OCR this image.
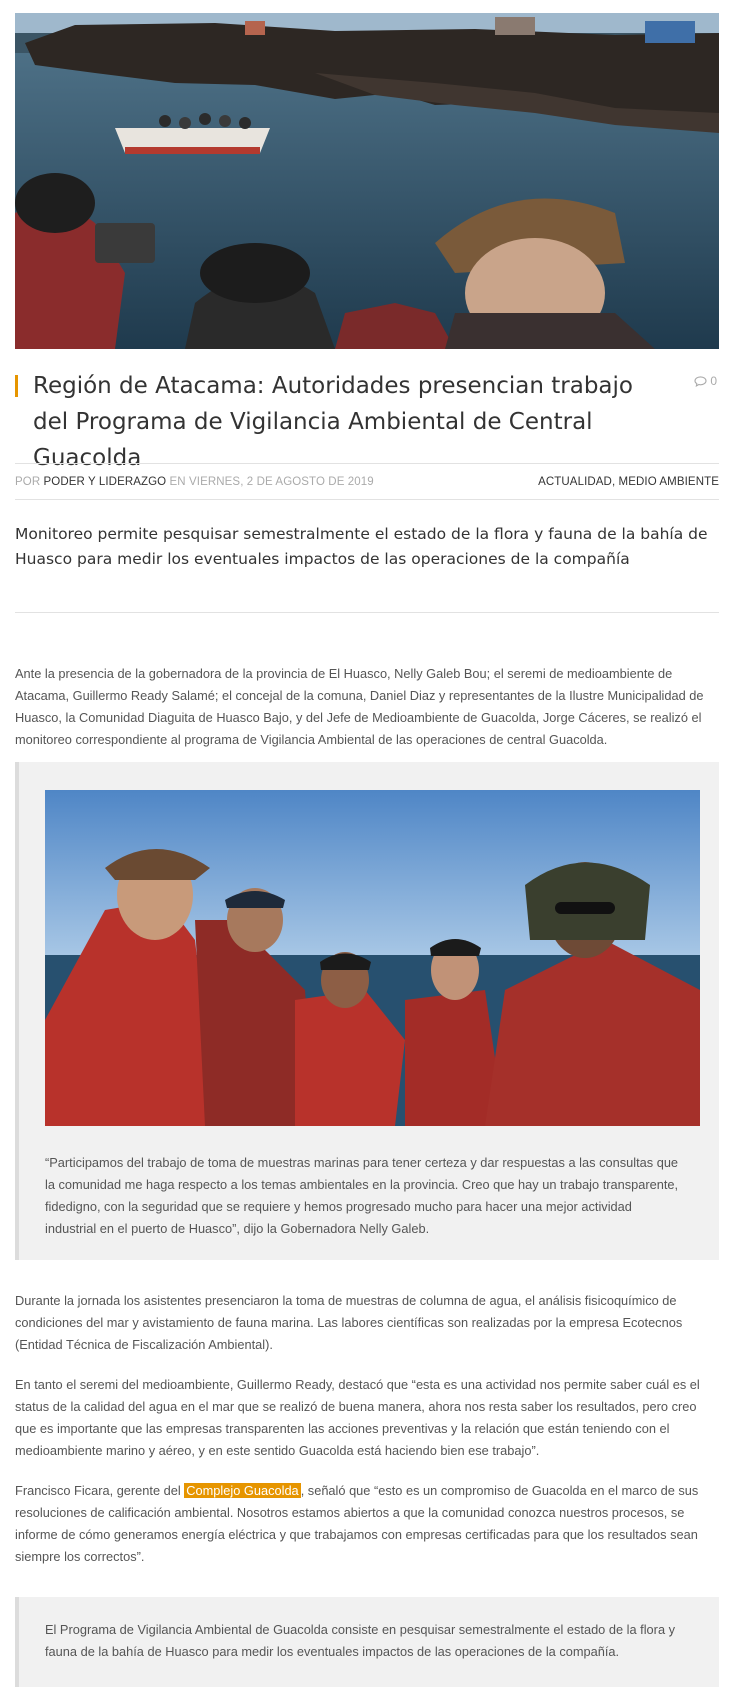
Región de Atacama: Autoridades presencian trabajo del Programa de Vigilancia Ambiental de Central Guacolda
0
POR PODER Y LIDERAZGO EN VIERNES, 2 DE AGOSTO DE 2019	ACTUALIDAD, MEDIO AMBIENTE

Monitoreo permite pesquisar semestralmente el estado de la flora y fauna de la bahía de Huasco para medir los eventuales impactos de las operaciones de la compañía

Ante la presencia de la gobernadora de la provincia de El Huasco, Nelly Galeb Bou; el seremi de medioambiente de Atacama, Guillermo Ready Salamé; el concejal de la comuna, Daniel Diaz y representantes de la Ilustre Municipalidad de Huasco, la Comunidad Diaguita de Huasco Bajo, y del Jefe de Medioambiente de Guacolda, Jorge Cáceres, se realizó el monitoreo correspondiente al programa de Vigilancia Ambiental de las operaciones de central Guacolda.

“Participamos del trabajo de toma de muestras marinas para tener certeza y dar respuestas a las consultas que la comunidad me haga respecto a los temas ambientales en la provincia. Creo que hay un trabajo transparente, fidedigno, con la seguridad que se requiere y hemos progresado mucho para hacer una mejor actividad industrial en el puerto de Huasco”, dijo la Gobernadora Nelly Galeb.

Durante la jornada los asistentes presenciaron la toma de muestras de columna de agua, el análisis fisicoquímico de condiciones del mar y avistamiento de fauna marina. Las labores científicas son realizadas por la empresa Ecotecnos (Entidad Técnica de Fiscalización Ambiental).

En tanto el seremi del medioambiente, Guillermo Ready, destacó que “esta es una actividad nos permite saber cuál es el status de la calidad del agua en el mar que se realizó de buena manera, ahora nos resta saber los resultados, pero creo que es importante que las empresas transparenten las acciones preventivas y la relación que están teniendo con el medioambiente marino y aéreo, y en este sentido Guacolda está haciendo bien ese trabajo”.

Francisco Ficara, gerente del Complejo Guacolda , señaló que “esto es un compromiso de Guacolda en el marco de sus resoluciones de calificación ambiental. Nosotros estamos abiertos a que la comunidad conozca nuestros procesos, se informe de cómo generamos energía eléctrica y que trabajamos con empresas certificadas para que los resultados sean siempre los correctos”.

El Programa de Vigilancia Ambiental de Guacolda consiste en pesquisar semestralmente el estado de la flora y fauna de la bahía de Huasco para medir los eventuales impactos de las operaciones de la compañía.
